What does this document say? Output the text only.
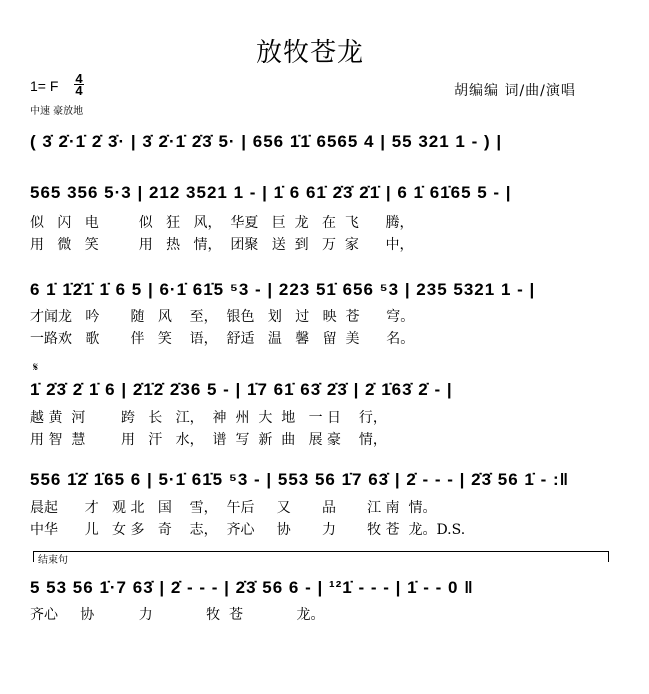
放牧苍龙
1= F 4
4
中速 豪放地
胡编编 词/曲/演唱
( 3̇ 2̇·1̇ 2̇ 3̇· | 3̇ 2̇·1̇ 2̇3̇ 5· | 656 1̇1̇ 6565 4 | 55 321 1 - ) |
565 356 5·3 | 212 3521 1 - | 1̇ 6 61̇ 2̇3̇ 2̇1̇ | 6 1̇ 61̇65 5 - |
似   闪   电         似   狂   风，  华夏   巨  龙   在  飞      腾，
用   微   笑         用   热   情，  团聚   送  到   万  家      中，
6 1̇ 1̇2̇1̇ 1̇ 6 5 | 6·1̇ 61̇5 ⁵3 - | 223 51̇ 656 ⁵3 | 235 5321 1 - |
才闻龙   吟       随   风    至，  银色   划   过   映  苍      穹。
一路欢   歌       伴   笑    语，  舒适   温   馨   留  美      名。
𝄋
1̇ 2̇3̇ 2̇ 1̇ 6 | 2̇1̇2̇ 2̇36 5 - | 1̇7 61̇ 63̇ 2̇3̇ | 2̇ 1̇63̇ 2̇ - |
越 黄  河        跨   长   江，  神  州  大  地   一 日    行，
用 智  慧        用   汗   水，  谱  写  新  曲   展 豪    情，
556 1̇2̇ 1̇65 6 | 5·1̇ 61̇5 ⁵3 - | 553 56 1̇7 63̇ | 2̇ - - - | 2̇3̇ 56 1̇ - :‖
晨起      才   观 北   国    雪，  午后     又       品       江 南  情。
中华      儿   女 多   奇    志，  齐心     协       力       牧 苍  龙。D.S.
结束句
5 53 56 1̇·7 63̇ | 2̇ - - - | 2̇3̇ 56 6 - | ¹²1̇ - - - | 1̇ - - 0 ‖
齐心     协          力            牧  苍            龙。
